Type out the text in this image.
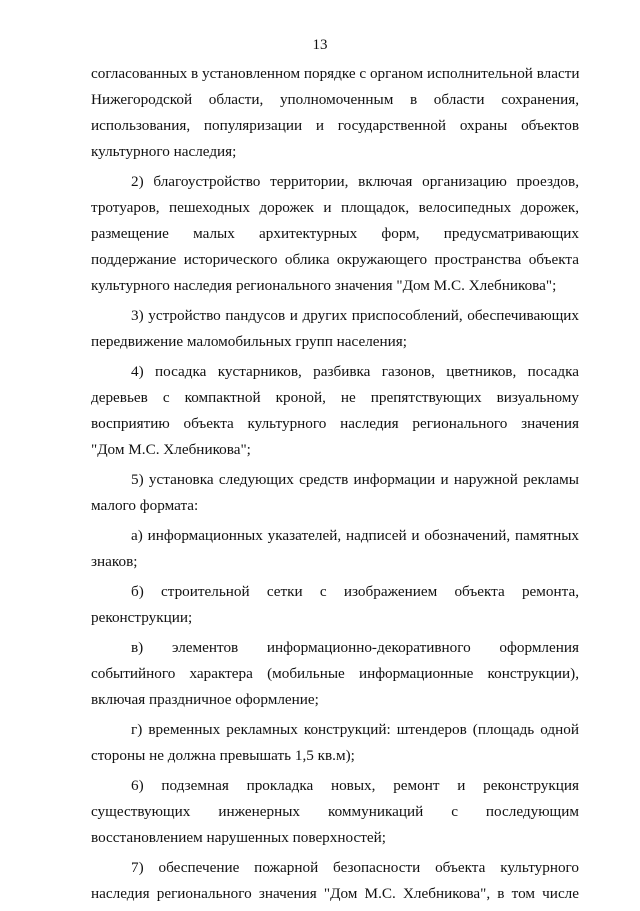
13
согласованных в установленном порядке с органом исполнительной власти
Нижегородской области, уполномоченным в области сохранения,
использования, популяризации и государственной охраны объектов
культурного наследия;
2) благоустройство территории, включая организацию проездов,
тротуаров, пешеходных дорожек и площадок, велосипедных дорожек,
размещение малых архитектурных форм, предусматривающих
поддержание исторического облика окружающего пространства объекта
культурного наследия регионального значения "Дом М.С. Хлебникова";
3) устройство пандусов и других приспособлений, обеспечивающих
передвижение маломобильных групп населения;
4) посадка кустарников, разбивка газонов, цветников, посадка
деревьев с компактной кроной, не препятствующих визуальному
восприятию объекта культурного наследия регионального значения
"Дом М.С. Хлебникова";
5) установка следующих средств информации и наружной рекламы
малого формата:
а) информационных указателей, надписей и обозначений, памятных
знаков;
б) строительной сетки с изображением объекта ремонта,
реконструкции;
в) элементов информационно-декоративного оформления
событийного характера (мобильные информационные конструкции),
включая праздничное оформление;
г) временных рекламных конструкций: штендеров (площадь одной
стороны не должна превышать 1,5 кв.м);
6) подземная прокладка новых, ремонт и реконструкция
существующих инженерных коммуникаций с последующим
восстановлением нарушенных поверхностей;
7) обеспечение пожарной безопасности объекта культурного
наследия регионального значения "Дом М.С. Хлебникова", в том числе
